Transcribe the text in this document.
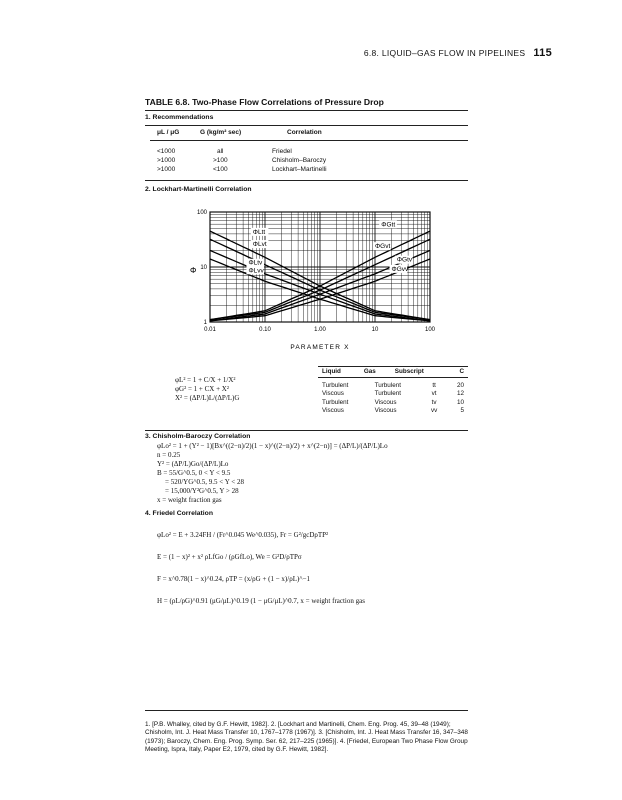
6.8. LIQUID–GAS FLOW IN PIPELINES 115
TABLE 6.8. Two-Phase Flow Correlations of Pressure Drop
1. Recommendations
μL / μG	G (kg/m² sec)	Correlation
<1000	all	Friedel
>1000	>100	Chisholm–Baroczy
>1000	<100	Lockhart–Martinelli
2. Lockhart-Martinelli Correlation
0.01	0.10	1.00	10	100
1
10
100
ΦLtt
ΦLvt
ΦLtv
ΦLvv
ΦGtt
ΦGvt
ΦGtv
ΦGvv
Φ
PARAMETER X
φL² = 1 + C/X + 1/X²
φG² = 1 + CX + X²
X² = (ΔP/L)L/(ΔP/L)G
Liquid	Gas	Subscript	C
Turbulent	Turbulent	tt	20
Viscous	Turbulent	vt	12
Turbulent	Viscous	tv	10
Viscous	Viscous	vv	5
3. Chisholm-Baroczy Correlation
φLo² = 1 + (Y² − 1)[Bx^((2−n)/2)(1 − x)^((2−n)/2) + x^(2−n)] = (ΔP/L)/(ΔP/L)Lo
n = 0.25
Y² = (ΔP/L)Go/(ΔP/L)Lo
B = 55/G^0.5, 0 < Y < 9.5
= 520/YG^0.5, 9.5 < Y < 28
= 15,000/Y²G^0.5, Y > 28
x = weight fraction gas
4. Friedel Correlation
φLo² = E + 3.24FH / (Fr^0.045 We^0.035), Fr = G²/gcDρTP²
E = (1 − x)² + x² ρLfGo / (ρGfLo), We = G²D/ρTPσ
F = x^0.78(1 − x)^0.24, ρTP = (x/ρG + (1 − x)/ρL)^−1
H = (ρL/ρG)^0.91 (μG/μL)^0.19 (1 − μG/μL)^0.7, x = weight fraction gas
1. [P.B. Whalley, cited by G.F. Hewitt, 1982]. 2. [Lockhart and Martinelli, Chem. Eng. Prog. 45, 39–48 (1949); Chisholm, Int. J. Heat Mass Transfer 10, 1767–1778 (1967)]. 3. [Chisholm, Int. J. Heat Mass Transfer 16, 347–348 (1973); Baroczy, Chem. Eng. Prog. Symp. Ser. 62, 217–225 (1965)]. 4. [Friedel, European Two Phase Flow Group Meeting, Ispra, Italy, Paper E2, 1979, cited by G.F. Hewitt, 1982].
